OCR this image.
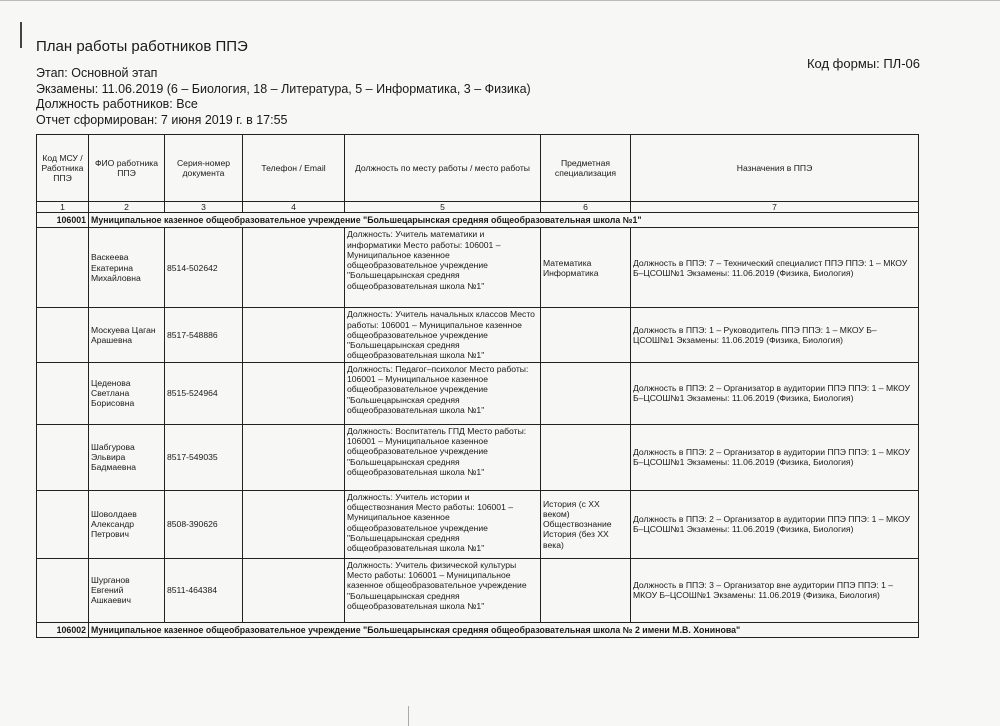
План работы работников ППЭ
Код формы: ПЛ-06
Этап: Основной этап
Экзамены: 11.06.2019 (6 – Биология, 18 – Литература, 5 – Информатика, 3 – Физика)
Должность работников: Все
Отчет сформирован: 7 июня 2019 г. в 17:55
Код МСУ / Работника ППЭ	ФИО работника ППЭ	Серия-номер документа	Телефон / Email	Должность по месту работы / место работы	Предметная специализация	Назначения в ППЭ
1	2	3	4	5	6	7
106001	Муниципальное казенное общеобразовательное учреждение "Большецарынская средняя общеобразовательная школа №1"					
	Васкеева Екатерина Михайловна	8514-502642		Должность: Учитель математики и информатики Место работы: 106001 – Муниципальное казенное общеобразовательное учреждение "Большецарынская средняя общеобразовательная школа №1"	Математика Информатика	Должность в ППЭ: 7 – Технический специалист ППЭ ППЭ: 1 – МКОУ Б–ЦСОШ№1 Экзамены: 11.06.2019 (Физика, Биология)
	Москуева Цаган Арашевна	8517-548886		Должность: Учитель начальных классов Место работы: 106001 – Муниципальное казенное общеобразовательное учреждение "Большецарынская средняя общеобразовательная школа №1"		Должность в ППЭ: 1 – Руководитель ППЭ ППЭ: 1 – МКОУ Б–ЦСОШ№1 Экзамены: 11.06.2019 (Физика, Биология)
	Цеденова Светлана Борисовна	8515-524964		Должность: Педагог–психолог Место работы: 106001 – Муниципальное казенное общеобразовательное учреждение "Большецарынская средняя общеобразовательная школа №1"		Должность в ППЭ: 2 – Организатор в аудитории ППЭ ППЭ: 1 – МКОУ Б–ЦСОШ№1 Экзамены: 11.06.2019 (Физика, Биология)
	Шабгурова Эльвира Бадмаевна	8517-549035		Должность: Воспитатель ГПД Место работы: 106001 – Муниципальное казенное общеобразовательное учреждение "Большецарынская средняя общеобразовательная школа №1"		Должность в ППЭ: 2 – Организатор в аудитории ППЭ ППЭ: 1 – МКОУ Б–ЦСОШ№1 Экзамены: 11.06.2019 (Физика, Биология)
	Шоволдаев Александр Петрович	8508-390626		Должность: Учитель истории и обществознания Место работы: 106001 – Муниципальное казенное общеобразовательное учреждение "Большецарынская средняя общеобразовательная школа №1"	История (с XX веком) Обществознание История (без XX века)	Должность в ППЭ: 2 – Организатор в аудитории ППЭ ППЭ: 1 – МКОУ Б–ЦСОШ№1 Экзамены: 11.06.2019 (Физика, Биология)
	Шурганов Евгений Ашкаевич	8511-464384		Должность: Учитель физической культуры Место работы: 106001 – Муниципальное казенное общеобразовательное учреждение "Большецарынская средняя общеобразовательная школа №1"		Должность в ППЭ: 3 – Организатор вне аудитории ППЭ ППЭ: 1 – МКОУ Б–ЦСОШ№1 Экзамены: 11.06.2019 (Физика, Биология)
106002	Муниципальное казенное общеобразовательное учреждение "Большецарынская средняя общеобразовательная школа № 2 имени М.В. Хонинова"					
